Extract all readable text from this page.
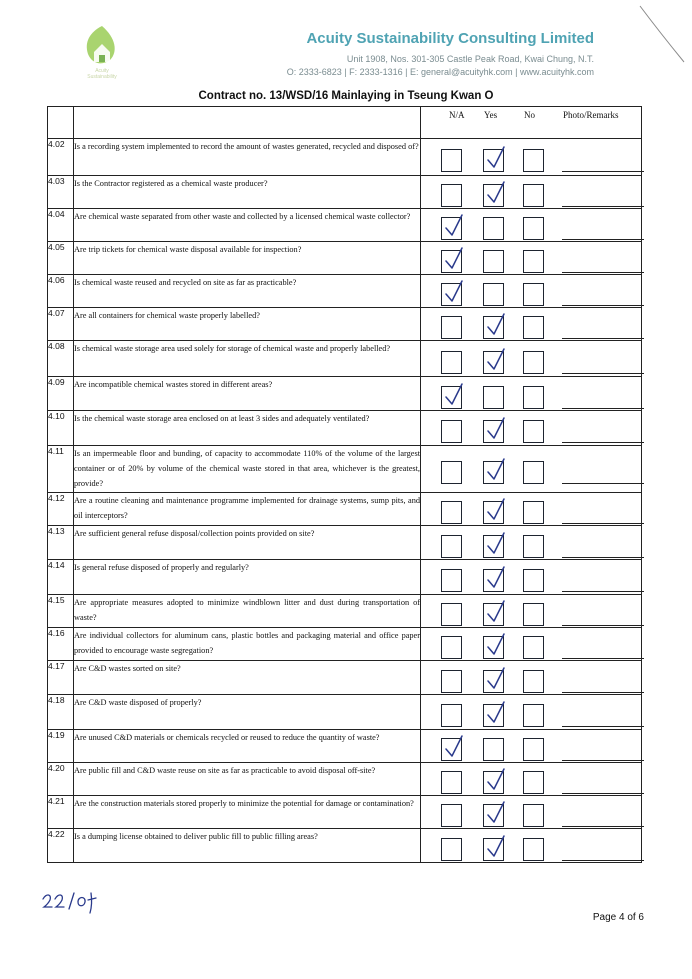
Acuity
Sustainability
Acuity Sustainability Consulting Limited
Unit 1908, Nos. 301-305 Castle Peak Road, Kwai Chung, N.T.
O: 2333-6823 | F: 2333-1316 | E: general@acuityhk.com | www.acuityhk.com
Contract no. 13/WSD/16 Mainlaying in Tseung Kwan O
N/A Yes	No	Photo/Remarks

4.02	Is a recording system implemented to record the amount of wastes generated, recycled and disposed of?	

4.03	Is the Contractor registered as a chemical waste producer?	

4.04	Are chemical waste separated from other waste and collected by a licensed chemical waste collector?	

4.05	Are trip tickets for chemical waste disposal available for inspection?	

4.06	Is chemical waste reused and recycled on site as far as practicable?	

4.07	Are all containers for chemical waste properly labelled?	

4.08	Is chemical waste storage area used solely for storage of chemical waste and properly labelled?	

4.09	Are incompatible chemical wastes stored in different areas?	

4.10	Is the chemical waste storage area enclosed on at least 3 sides and adequately ventilated?	

4.11	Is an impermeable floor and bunding, of capacity to accommodate 110% of the volume of the largest container or of 20% by volume of the chemical waste stored in that area, whichever is the greatest, provide?	

4.12	Are a routine cleaning and maintenance programme implemented for drainage systems, sump pits, and oil interceptors?	

4.13	Are sufficient general refuse disposal/collection points provided on site?	

4.14	Is general refuse disposed of properly and regularly?	

4.15	Are appropriate measures adopted to minimize windblown litter and dust during transportation of waste?	

4.16	Are individual collectors for aluminum cans, plastic bottles and packaging material and office paper provided to encourage waste segregation?	

4.17	Are C&D wastes sorted on site?	

4.18	Are C&D waste disposed of properly?	

4.19	Are unused C&D materials or chemicals recycled or reused to reduce the quantity of waste?	

4.20	Are public fill and C&D waste reuse on site as far as practicable to avoid disposal off-site?	

4.21	Are the construction materials stored properly to minimize the potential for damage or contamination?	

4.22	Is a dumping license obtained to deliver public fill to public filling areas?	
22/07
Page 4 of 6
